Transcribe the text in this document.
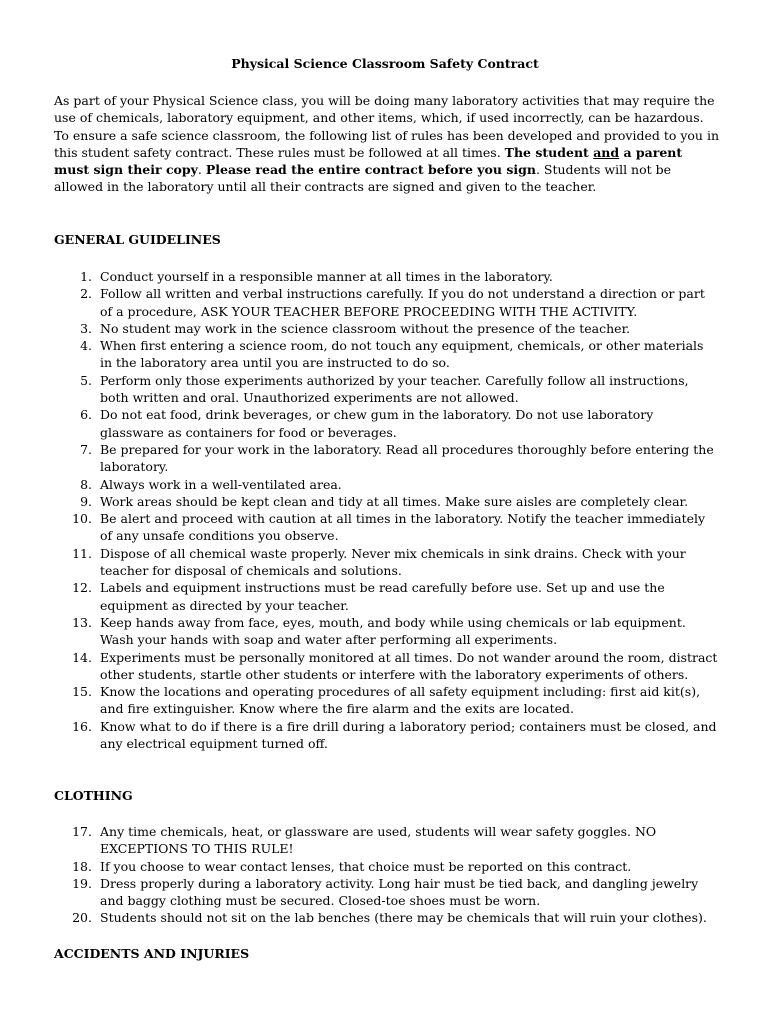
Physical Science Classroom Safety Contract

As part of your Physical Science class, you will be doing many laboratory activities that may require the use of chemicals, laboratory equipment, and other items, which, if used incorrectly, can be hazardous. To ensure a safe science classroom, the following list of rules has been developed and provided to you in this student safety contract. These rules must be followed at all times. The student and a parent must sign their copy. Please read the entire contract before you sign. Students will not be allowed in the laboratory until all their contracts are signed and given to the teacher.

GENERAL GUIDELINES
1. Conduct yourself in a responsible manner at all times in the laboratory.
2. Follow all written and verbal instructions carefully. If you do not understand a direction or part of a procedure, ASK YOUR TEACHER BEFORE PROCEEDING WITH THE ACTIVITY.
3. No student may work in the science classroom without the presence of the teacher.
4. When first entering a science room, do not touch any equipment, chemicals, or other materials in the laboratory area until you are instructed to do so.
5. Perform only those experiments authorized by your teacher. Carefully follow all instructions, both written and oral. Unauthorized experiments are not allowed.
6. Do not eat food, drink beverages, or chew gum in the laboratory. Do not use laboratory glassware as containers for food or beverages.
7. Be prepared for your work in the laboratory. Read all procedures thoroughly before entering the laboratory.
8. Always work in a well-ventilated area.
9. Work areas should be kept clean and tidy at all times. Make sure aisles are completely clear.
10. Be alert and proceed with caution at all times in the laboratory. Notify the teacher immediately of any unsafe conditions you observe.
11. Dispose of all chemical waste properly. Never mix chemicals in sink drains. Check with your teacher for disposal of chemicals and solutions.
12. Labels and equipment instructions must be read carefully before use. Set up and use the equipment as directed by your teacher.
13. Keep hands away from face, eyes, mouth, and body while using chemicals or lab equipment. Wash your hands with soap and water after performing all experiments.
14. Experiments must be personally monitored at all times. Do not wander around the room, distract other students, startle other students or interfere with the laboratory experiments of others.
15. Know the locations and operating procedures of all safety equipment including: first aid kit(s), and fire extinguisher. Know where the fire alarm and the exits are located.
16. Know what to do if there is a fire drill during a laboratory period; containers must be closed, and any electrical equipment turned off.
CLOTHING
17. Any time chemicals, heat, or glassware are used, students will wear safety goggles. NO EXCEPTIONS TO THIS RULE!
18. If you choose to wear contact lenses, that choice must be reported on this contract.
19. Dress properly during a laboratory activity. Long hair must be tied back, and dangling jewelry and baggy clothing must be secured. Closed-toe shoes must be worn.
20. Students should not sit on the lab benches (there may be chemicals that will ruin your clothes).
ACCIDENTS AND INJURIES
